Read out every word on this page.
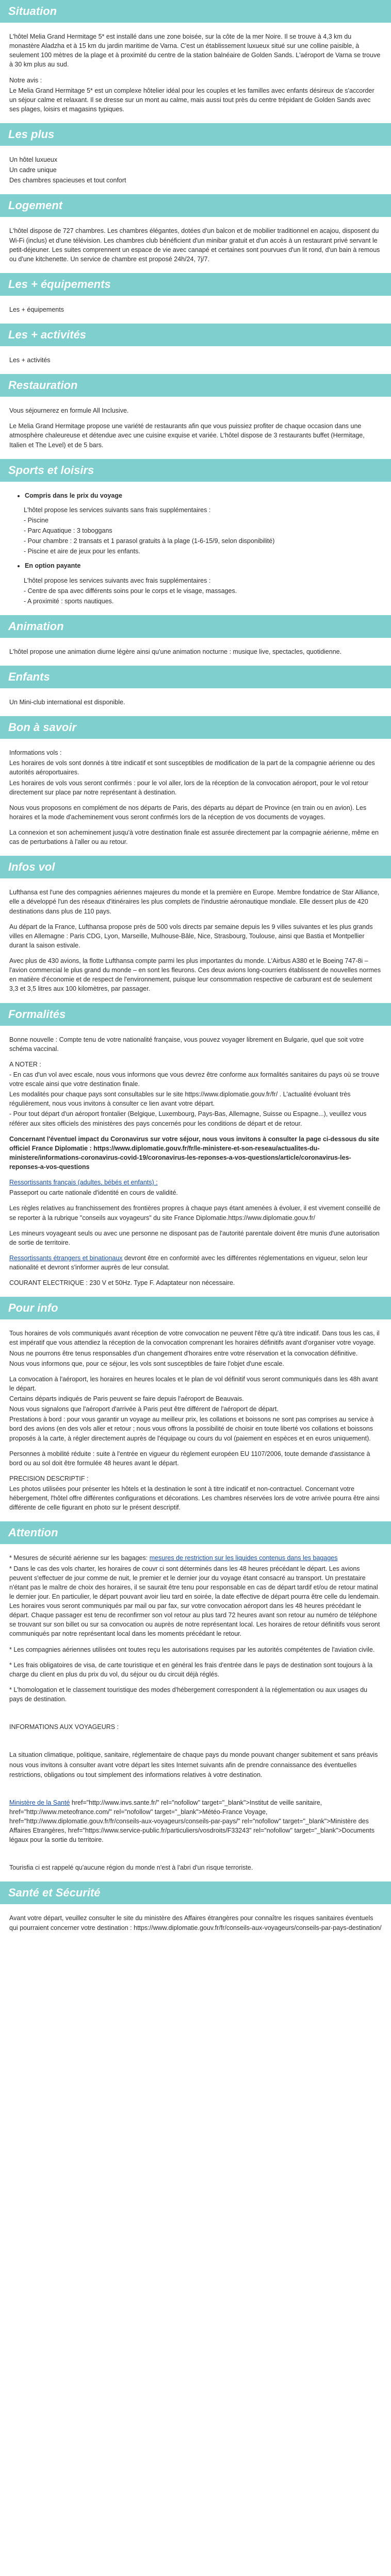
Situation

L'hôtel Melia Grand Hermitage 5* est installé dans une zone boisée, sur la côte de la mer Noire. Il se trouve à 4,3 km du monastère Aladzha et à 15 km du jardin maritime de Varna. C'est un établissement luxueux situé sur une colline paisible, à seulement 100 mètres de la plage et à proximité du centre de la station balnéaire de Golden Sands. L'aéroport de Varna se trouve à 30 km plus au sud.

Notre avis :

Le Melia Grand Hermitage 5* est un complexe hôtelier idéal pour les couples et les familles avec enfants désireux de s'accorder un séjour calme et relaxant. Il se dresse sur un mont au calme, mais aussi tout près du centre trépidant de Golden Sands avec ses plages, loisirs et magasins typiques.

Les plus

Un hôtel luxueux

Un cadre unique

Des chambres spacieuses et tout confort

Logement

L'hôtel dispose de 727 chambres. Les chambres élégantes, dotées d'un balcon et de mobilier traditionnel en acajou, disposent du Wi-Fi (inclus) et d'une télévision. Les chambres club bénéficient d'un minibar gratuit et d'un accès à un restaurant privé servant le petit-déjeuner. Les suites comprennent un espace de vie avec canapé et certaines sont pourvues d'un lit rond, d'un bain à remous ou d'une kitchenette. Un service de chambre est proposé 24h/24, 7j/7.

Les + équipements

Les + équipements

Les + activités

Les + activités

Restauration

Vous séjournerez en formule All Inclusive.

Le Melia Grand Hermitage propose une variété de restaurants afin que vous puissiez profiter de chaque occasion dans une atmosphère chaleureuse et détendue avec une cuisine exquise et variée. L'hôtel dispose de 3 restaurants buffet (Hermitage, Italien et The Level) et de 5 bars.

Sports et loisirs
• Compris dans le prix du voyage

L'hôtel propose les services suivants sans frais supplémentaires :

- Piscine

- Parc Aquatique : 3 toboggans

- Pour chambre : 2 transats et 1 parasol gratuits à la plage (1-6-15/9, selon disponibilité)

- Piscine et aire de jeux pour les enfants.

• En option payante

L'hôtel propose les services suivants avec frais supplémentaires :

- Centre de spa avec différents soins pour le corps et le visage, massages.

- A proximité : sports nautiques.

Animation

L'hôtel propose une animation diurne légère ainsi qu'une animation nocturne : musique live, spectacles, quotidienne.

Enfants

Un Mini-club international est disponible.

Bon à savoir

Informations vols :

Les horaires de vols sont donnés à titre indicatif et sont susceptibles de modification de la part de la compagnie aérienne ou des autorités aéroportuaires.

Les horaires de vols vous seront confirmés : pour le vol aller, lors de la réception de la convocation aéroport, pour le vol retour directement sur place par notre représentant à destination.

Nous vous proposons en complément de nos départs de Paris, des départs au départ de Province (en train ou en avion). Les horaires et la mode d'acheminement vous seront confirmés lors de la réception de vos documents de voyages.

La connexion et son acheminement jusqu'à votre destination finale est assurée directement par la compagnie aérienne, même en cas de perturbations à l'aller ou au retour.

Infos vol

Lufthansa est l'une des compagnies aériennes majeures du monde et la première en Europe. Membre fondatrice de Star Alliance, elle a développé l'un des réseaux d'itinéraires les plus complets de l'industrie aéronautique mondiale. Elle dessert plus de 420 destinations dans plus de 110 pays.

Au départ de la France, Lufthansa propose près de 500 vols directs par semaine depuis les 9 villes suivantes et les plus grands villes en Allemagne : Paris CDG, Lyon, Marseille, Mulhouse-Bâle, Nice, Strasbourg, Toulouse, ainsi que Bastia et Montpellier durant la saison estivale.

Avec plus de 430 avions, la flotte Lufthansa compte parmi les plus importantes du monde. L'Airbus A380 et le Boeing 747-8i – l'avion commercial le plus grand du monde – en sont les fleurons. Ces deux avions long-courriers établissent de nouvelles normes en matière d'économie et de respect de l'environnement, puisque leur consommation respective de carburant est de seulement 3,3 et 3,5 litres aux 100 kilomètres, par passager.

Formalités

Bonne nouvelle : Compte tenu de votre nationalité française, vous pouvez voyager librement en Bulgarie, quel que soit votre schéma vaccinal.

A NOTER :

- En cas d'un vol avec escale, nous vous informons que vous devrez être conforme aux formalités sanitaires du pays où se trouve votre escale ainsi que votre destination finale.

Les modalités pour chaque pays sont consultables sur le site https://www.diplomatie.gouv.fr/fr/ . L'actualité évoluant très régulièrement, nous vous invitons à consulter ce lien avant votre départ.

- Pour tout départ d'un aéroport frontalier (Belgique, Luxembourg, Pays-Bas, Allemagne, Suisse ou Espagne...), veuillez vous référer aux sites officiels des ministères des pays concernés pour les conditions de départ et de retour.

Concernant l'éventuel impact du Coronavirus sur votre séjour, nous vous invitons à consulter la page ci-dessous du site officiel France Diplomatie : https://www.diplomatie.gouv.fr/fr/le-ministere-et-son-reseau/actualites-du-ministere/informations-coronavirus-covid-19/coronavirus-les-reponses-a-vos-questions/article/coronavirus-les-reponses-a-vos-questions

Ressortissants français (adultes, bébés et enfants) :

Passeport ou carte nationale d'identité en cours de validité.

Les règles relatives au franchissement des frontières propres à chaque pays étant amenées à évoluer, il est vivement conseillé de se reporter à la rubrique "conseils aux voyageurs" du site France Diplomatie.https://www.diplomatie.gouv.fr/

Les mineurs voyageant seuls ou avec une personne ne disposant pas de l'autorité parentale doivent être munis d'une autorisation de sortie de territoire.

Ressortissants étrangers et binationaux devront être en conformité avec les différentes réglementations en vigueur, selon leur nationalité et devront s'informer auprès de leur consulat.

COURANT ELECTRIQUE : 230 V et 50Hz. Type F. Adaptateur non nécessaire.

Pour info

Tous horaires de vols communiqués avant réception de votre convocation ne peuvent l'être qu'à titre indicatif. Dans tous les cas, il est impératif que vous attendiez la réception de la convocation comprenant les horaires définitifs avant d'organiser votre voyage.

Nous ne pourrons être tenus responsables d'un changement d'horaires entre votre réservation et la convocation définitive.

Nous vous informons que, pour ce séjour, les vols sont susceptibles de faire l'objet d'une escale.

La convocation à l'aéroport, les horaires en heures locales et le plan de vol définitif vous seront communiqués dans les 48h avant le départ.

Certains départs indiqués de Paris peuvent se faire depuis l'aéroport de Beauvais.

Nous vous signalons que l'aéroport d'arrivée à Paris peut être différent de l'aéroport de départ.

Prestations à bord : pour vous garantir un voyage au meilleur prix, les collations et boissons ne sont pas comprises au service à bord des avions (en des vols aller et retour ; nous vous offrons la possibilité de choisir en toute liberté vos collations et boissons proposés à la carte, à régler directement auprès de l'équipage ou cours du vol (paiement en espèces et en euros uniquement).

Personnes à mobilité réduite : suite à l'entrée en vigueur du règlement européen EU 1107/2006, toute demande d'assistance à bord ou au sol doit être formulée 48 heures avant le départ.

PRECISION DESCRIPTIF :

Les photos utilisées pour présenter les hôtels et la destination le sont à titre indicatif et non-contractuel. Concernant votre hébergement, l'hôtel offre différentes configurations et décorations. Les chambres réservées lors de votre arrivée pourra être ainsi différente de celle figurant en photo sur le présent descriptif.

Attention

* Mesures de sécurité aérienne sur les bagages: mesures de restriction sur les liquides contenus dans les bagages

* Dans le cas des vols charter, les horaires de couvr ci sont déterminés dans les 48 heures précédant le départ. Les avions peuvent s'effectuer de jour comme de nuit, le premier et le dernier jour du voyage étant consacré au transport. Un prestataire n'étant pas le maître de choix des horaires, il se saurait être tenu pour responsable en cas de départ tardif et/ou de retour matinal le dernier jour. En particulier, le départ pouvant avoir lieu tard en soirée, la date effective de départ pourra être celle du lendemain. Les horaires vous seront communiqués par mail ou par fax, sur votre convocation aéroport dans les 48 heures précédant le départ. Chaque passager est tenu de reconfirmer son vol retour au plus tard 72 heures avant son retour au numéro de téléphone se trouvant sur son billet ou sur sa convocation ou auprès de notre représentant local. Les horaires de retour définitifs vous seront communiqués par notre représentant local dans les moments précédant le retour.

* Les compagnies aériennes utilisées ont toutes reçu les autorisations requises par les autorités compétentes de l'aviation civile.

* Les frais obligatoires de visa, de carte touristique et en général les frais d'entrée dans le pays de destination sont toujours à la charge du client en plus du prix du vol, du séjour ou du circuit déjà réglés.

* L'homologation et le classement touristique des modes d'hébergement correspondent à la réglementation ou aux usages du pays de destination.

INFORMATIONS AUX VOYAGEURS :

La situation climatique, politique, sanitaire, réglementaire de chaque pays du monde pouvant changer subitement et sans préavis

nous vous invitons à consulter avant votre départ les sites Internet suivants afin de prendre connaissance des éventuelles restrictions, obligations ou tout simplement des informations relatives à votre destination.

Ministère de la Santé href="http://www.invs.sante.fr/" rel="nofollow" target="_blank">Institut de veille sanitaire, href="http://www.meteofrance.com/" rel="nofollow" target="_blank">Météo-France Voyage, href="http://www.diplomatie.gouv.fr/fr/conseils-aux-voyageurs/conseils-par-pays/" rel="nofollow" target="_blank">Ministère des Affaires Etrangères, href="https://www.service-public.fr/particuliers/vosdroits/F33243" rel="nofollow" target="_blank">Documents légaux pour la sortie du territoire.

Tourisfia ci est rappelé qu'aucune région du monde n'est à l'abri d'un risque terroriste.

Santé et Sécurité

Avant votre départ, veuillez consulter le site du ministère des Affaires étrangères pour connaître les risques sanitaires éventuels qui pourraient concerner votre destination : https://www.diplomatie.gouv.fr/fr/conseils-aux-voyageurs/conseils-par-pays-destination/
